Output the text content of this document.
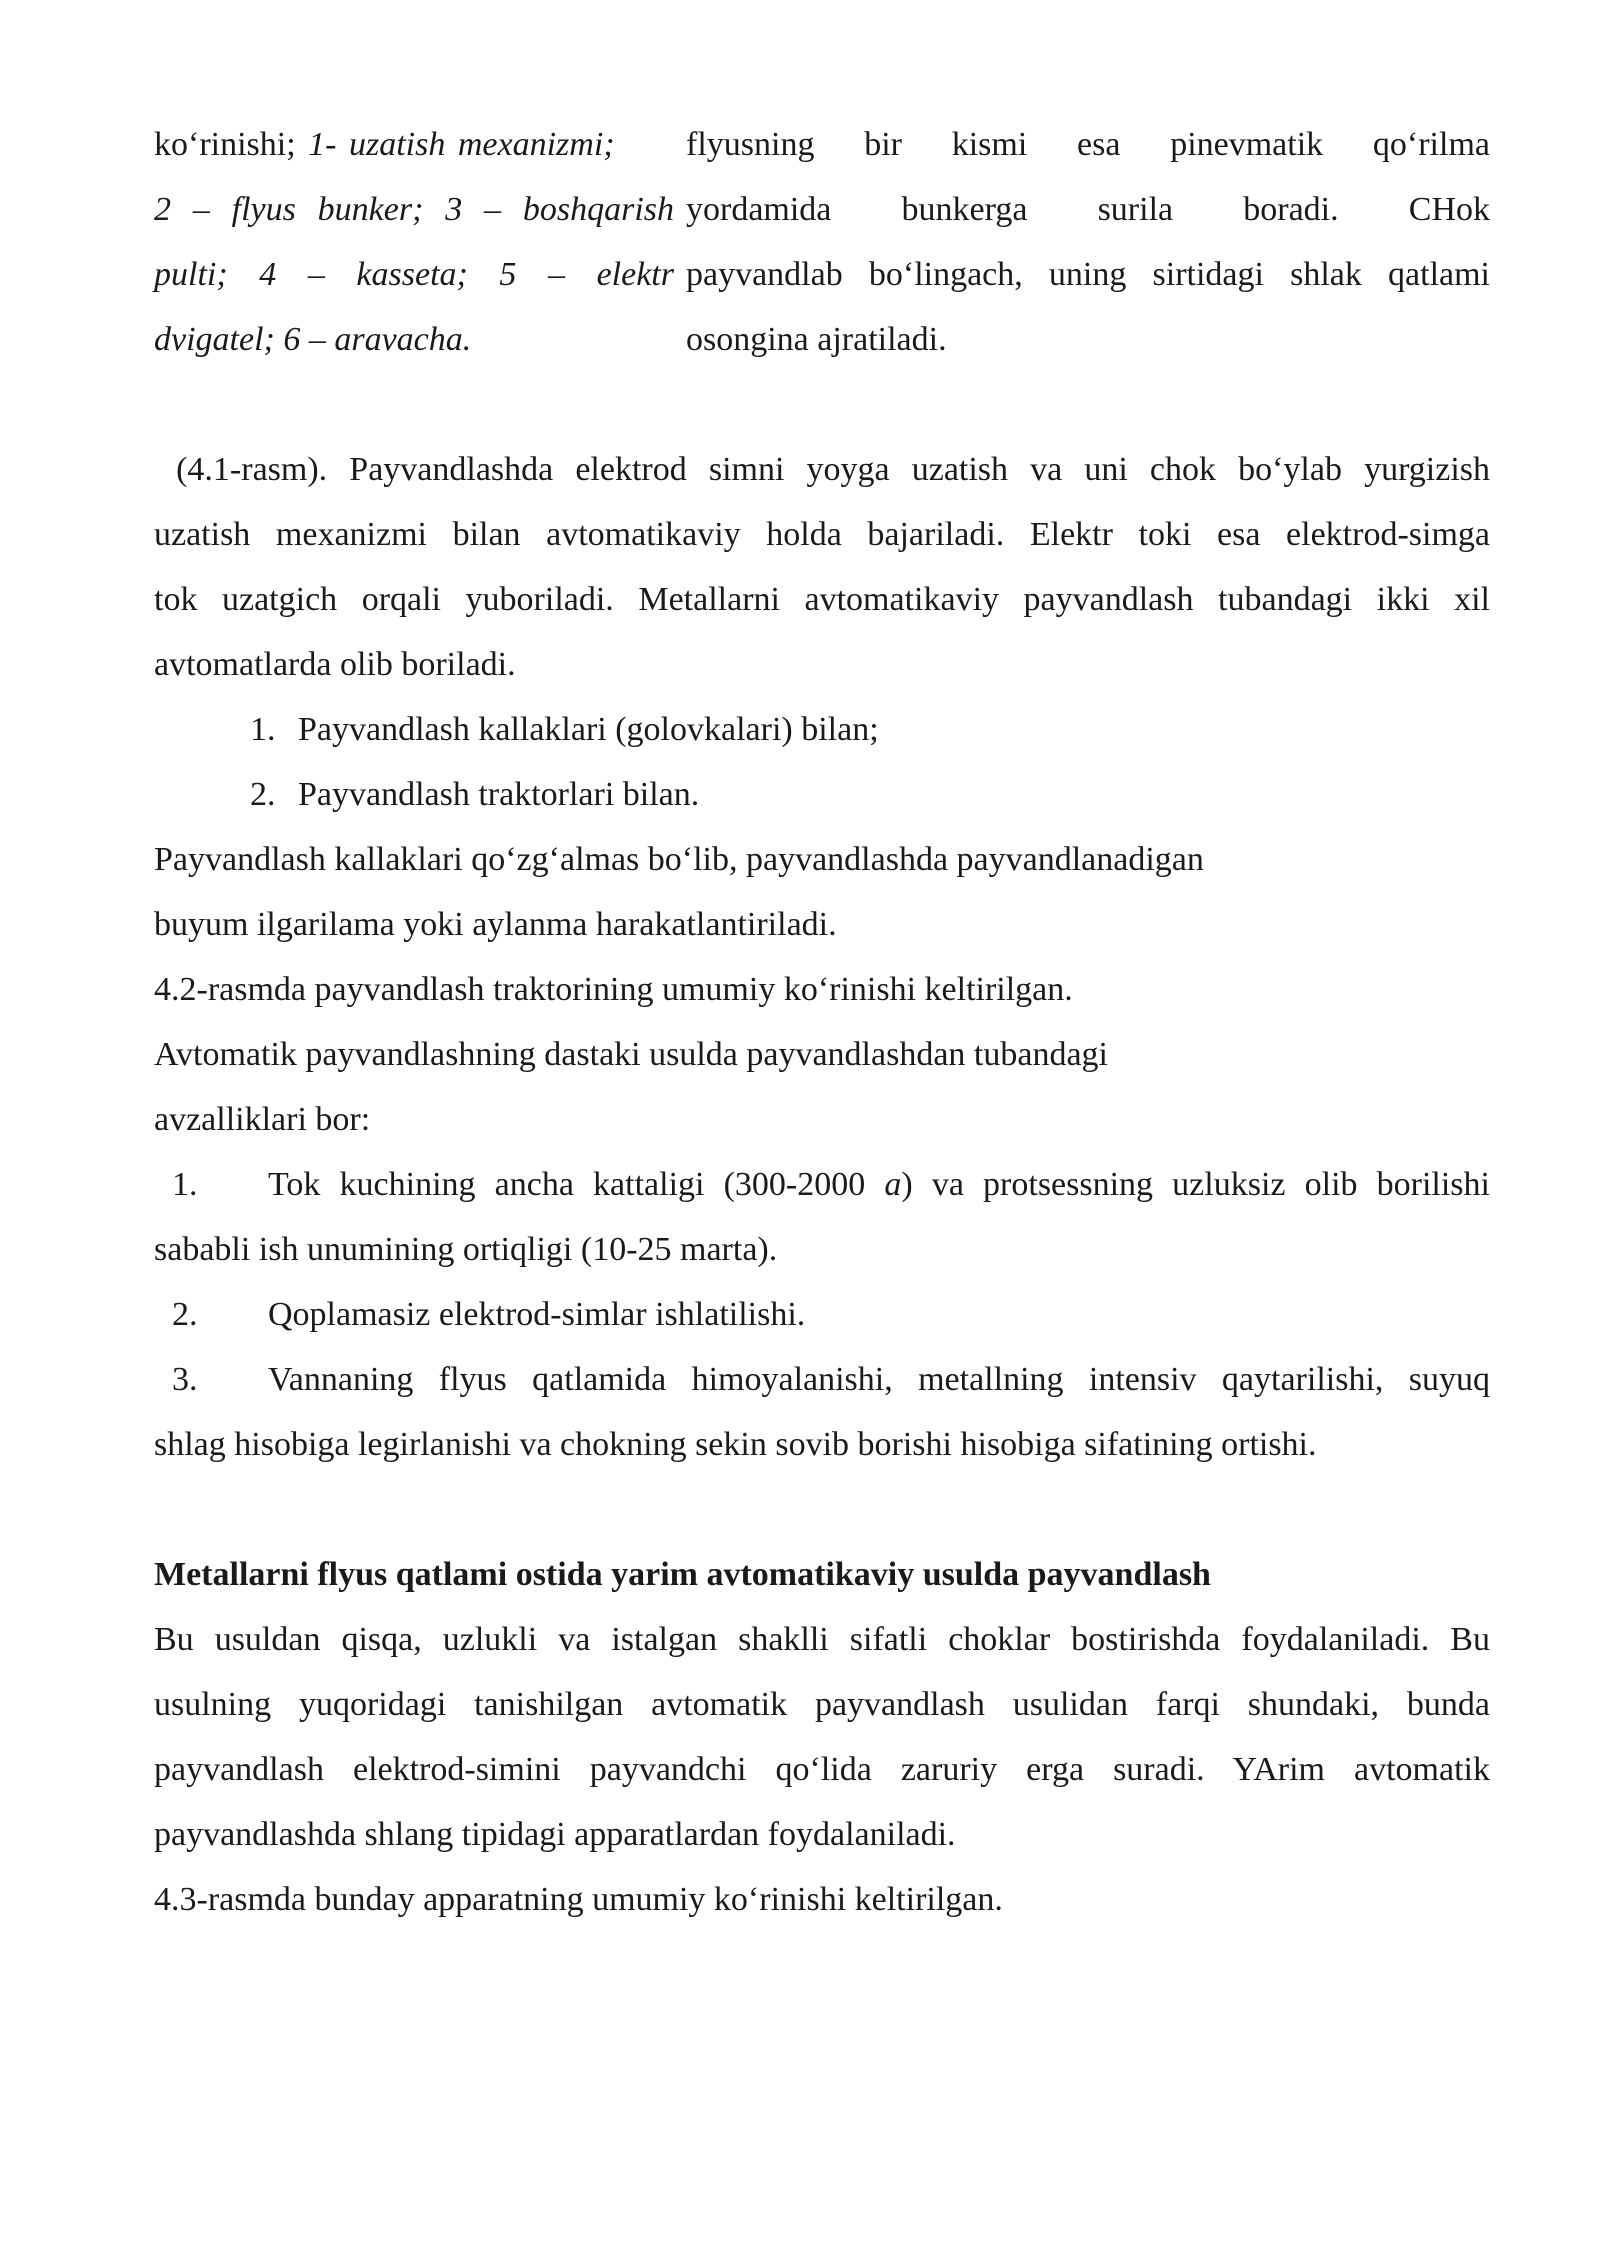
ko‘rinishi; 1- uzatish mexanizmi;
2 – flyus bunker; 3 – boshqarish
pulti; 4 – kasseta; 5 – elektr
dvigatel; 6 – aravacha.
flyusning bir kismi esa pinevmatik qo‘rilma
yordamida bunkerga surila boradi. CHok
payvandlab bo‘lingach, uning sirtidagi shlak qatlami
osongina ajratiladi.
(4.1-rasm). Payvandlashda elektrod simni yoyga uzatish va uni chok bo‘ylab yurgizish
uzatish mexanizmi bilan avtomatikaviy holda bajariladi. Elektr toki esa elektrod-simga
tok uzatgich orqali yuboriladi. Metallarni avtomatikaviy payvandlash tubandagi ikki xil
avtomatlarda olib boriladi.
1. Payvandlash kallaklari (golovkalari) bilan;
2. Payvandlash traktorlari bilan.
Payvandlash kallaklari qo‘zg‘almas bo‘lib, payvandlashda payvandlanadigan
buyum ilgarilama yoki aylanma harakatlantiriladi.
4.2-rasmda payvandlash traktorining umumiy ko‘rinishi keltirilgan.
Avtomatik payvandlashning dastaki usulda payvandlashdan tubandagi
avzalliklari bor:
1. Tok kuchining ancha kattaligi (300-2000 a) va protsessning uzluksiz olib borilishi
sababli ish unumining ortiqligi (10-25 marta).
2. Qoplamasiz elektrod-simlar ishlatilishi.
3. Vannaning flyus qatlamida himoyalanishi, metallning intensiv qaytarilishi, suyuq
shlag hisobiga legirlanishi va chokning sekin sovib borishi hisobiga sifatining ortishi.
Metallarni flyus qatlami ostida yarim avtomatikaviy usulda payvandlash
Bu usuldan qisqa, uzlukli va istalgan shaklli sifatli choklar bostirishda foydalaniladi. Bu
usulning yuqoridagi tanishilgan avtomatik payvandlash usulidan farqi shundaki, bunda
payvandlash elektrod-simini payvandchi qo‘lida zaruriy erga suradi. YArim avtomatik
payvandlashda shlang tipidagi apparatlardan foydalaniladi.
4.3-rasmda bunday apparatning umumiy ko‘rinishi keltirilgan.
